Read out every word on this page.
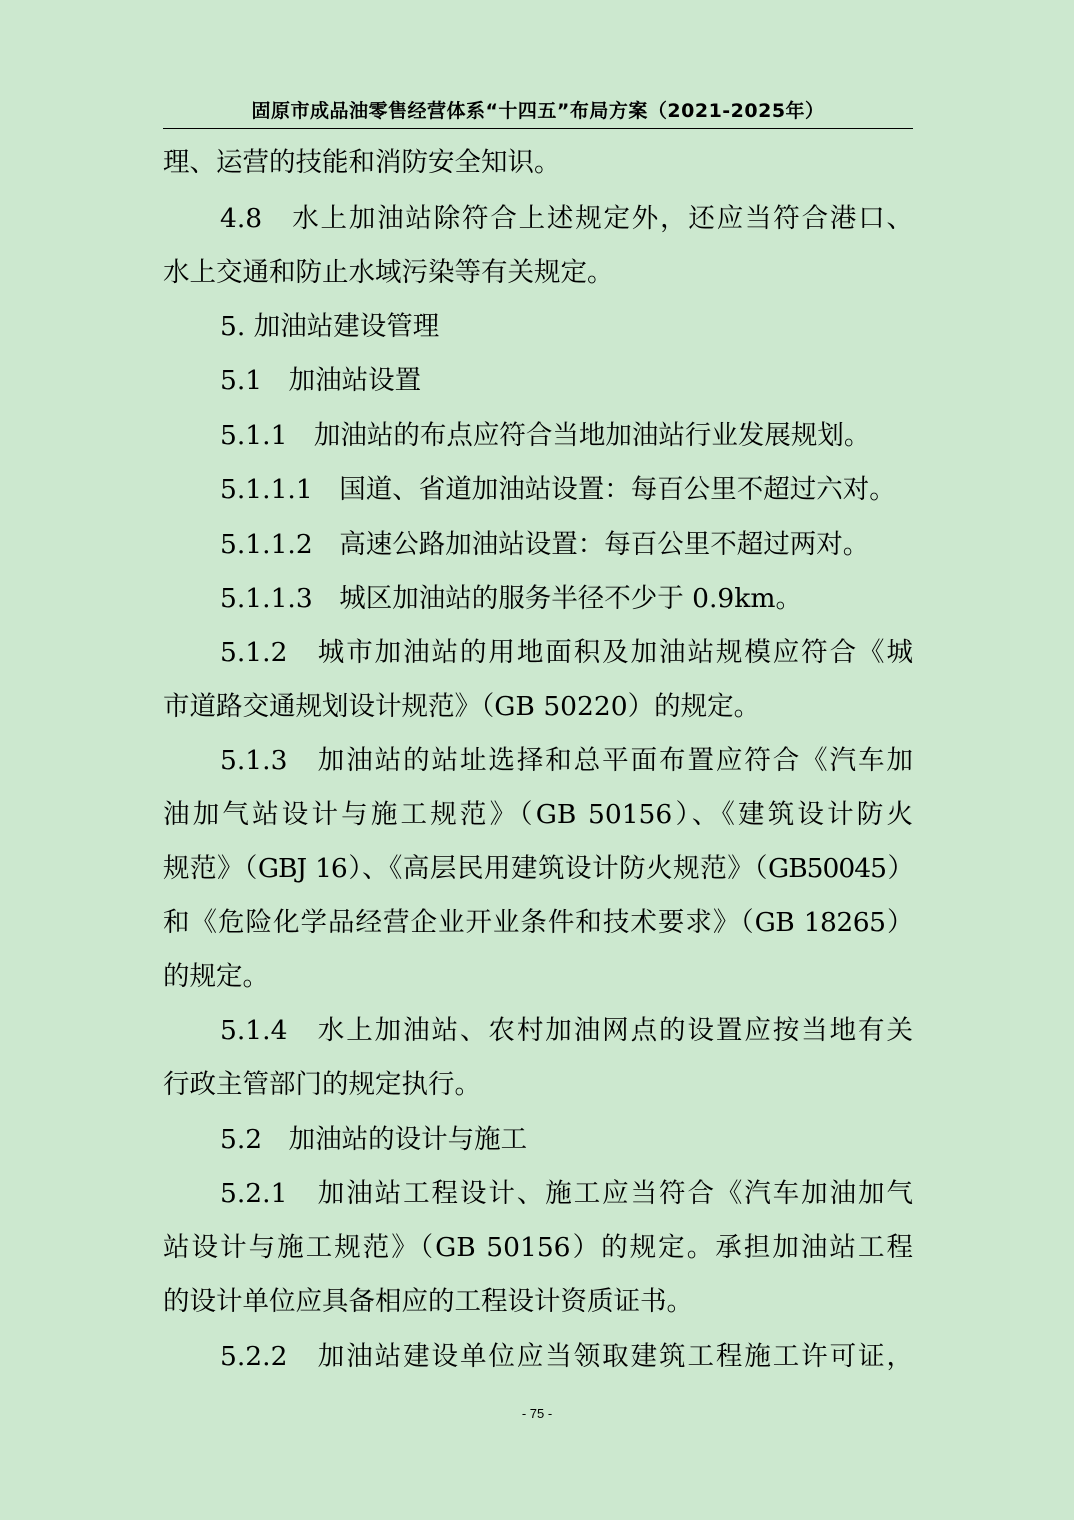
固原市成品油零售经营体系“十四五”布局方案（2021-2025年）
理、运营的技能和消防安全知识。
4.8　水上加油站除符合上述规定外，还应当符合港口、
水上交通和防止水域污染等有关规定。
5. 加油站建设管理
5.1　加油站设置
5.1.1　加油站的布点应符合当地加油站行业发展规划。
5.1.1.1　国道、省道加油站设置：每百公里不超过六对。
5.1.1.2　高速公路加油站设置：每百公里不超过两对。
5.1.1.3　城区加油站的服务半径不少于 0.9km。
5.1.2　城市加油站的用地面积及加油站规模应符合《城
市道路交通规划设计规范》（GB 50220）的规定。
5.1.3　加油站的站址选择和总平面布置应符合《汽车加
油加气站设计与施工规范》（GB 50156）、《建筑设计防火
规范》（GBJ 16）、《高层民用建筑设计防火规范》（GB50045）
和《危险化学品经营企业开业条件和技术要求》（GB 18265）
的规定。
5.1.4　水上加油站、农村加油网点的设置应按当地有关
行政主管部门的规定执行。
5.2　加油站的设计与施工
5.2.1　加油站工程设计、施工应当符合《汽车加油加气
站设计与施工规范》（GB 50156）的规定。承担加油站工程
的设计单位应具备相应的工程设计资质证书。
5.2.2　加油站建设单位应当领取建筑工程施工许可证，
- 75 -
